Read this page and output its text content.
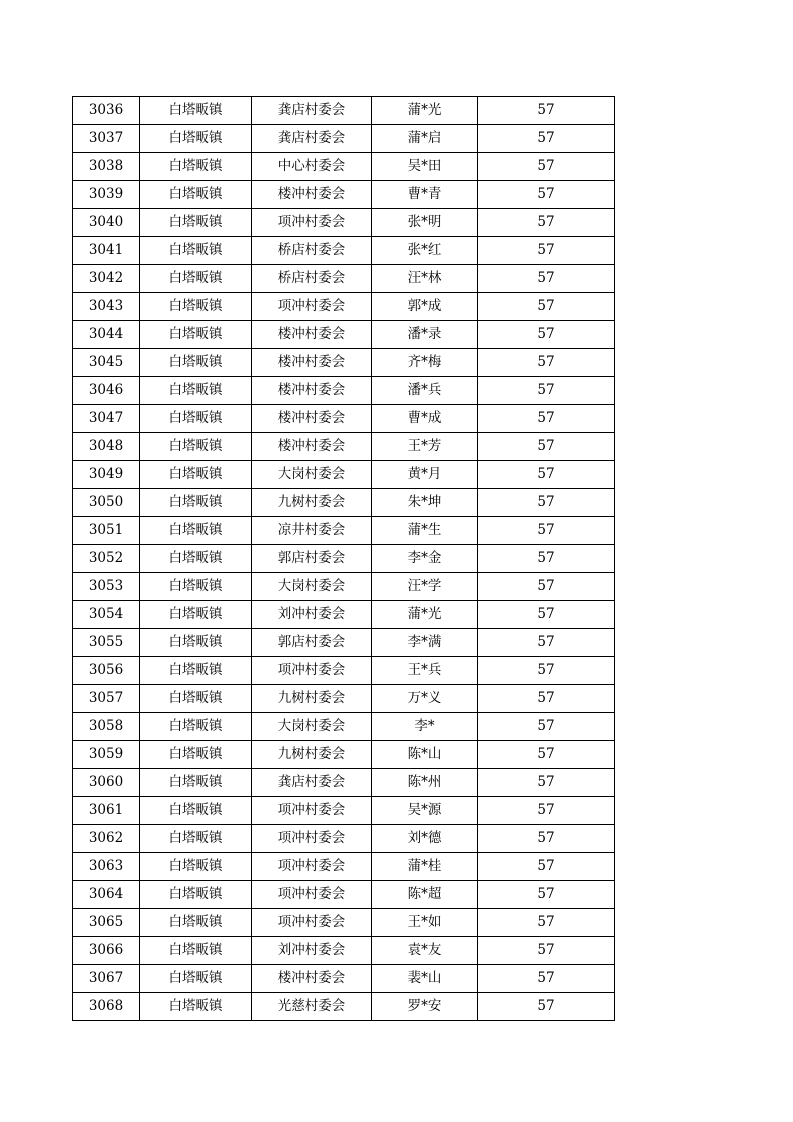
3036	白塔畈镇	龚店村委会	蒲*光	57
3037	白塔畈镇	龚店村委会	蒲*启	57
3038	白塔畈镇	中心村委会	吴*田	57
3039	白塔畈镇	楼冲村委会	曹*青	57
3040	白塔畈镇	项冲村委会	张*明	57
3041	白塔畈镇	桥店村委会	张*红	57
3042	白塔畈镇	桥店村委会	汪*林	57
3043	白塔畈镇	项冲村委会	郭*成	57
3044	白塔畈镇	楼冲村委会	潘*录	57
3045	白塔畈镇	楼冲村委会	齐*梅	57
3046	白塔畈镇	楼冲村委会	潘*兵	57
3047	白塔畈镇	楼冲村委会	曹*成	57
3048	白塔畈镇	楼冲村委会	王*芳	57
3049	白塔畈镇	大岗村委会	黄*月	57
3050	白塔畈镇	九树村委会	朱*坤	57
3051	白塔畈镇	凉井村委会	蒲*生	57
3052	白塔畈镇	郭店村委会	李*金	57
3053	白塔畈镇	大岗村委会	汪*学	57
3054	白塔畈镇	刘冲村委会	蒲*光	57
3055	白塔畈镇	郭店村委会	李*满	57
3056	白塔畈镇	项冲村委会	王*兵	57
3057	白塔畈镇	九树村委会	万*义	57
3058	白塔畈镇	大岗村委会	李*	57
3059	白塔畈镇	九树村委会	陈*山	57
3060	白塔畈镇	龚店村委会	陈*州	57
3061	白塔畈镇	项冲村委会	吴*源	57
3062	白塔畈镇	项冲村委会	刘*德	57
3063	白塔畈镇	项冲村委会	蒲*桂	57
3064	白塔畈镇	项冲村委会	陈*超	57
3065	白塔畈镇	项冲村委会	王*如	57
3066	白塔畈镇	刘冲村委会	袁*友	57
3067	白塔畈镇	楼冲村委会	裴*山	57
3068	白塔畈镇	光慈村委会	罗*安	57
